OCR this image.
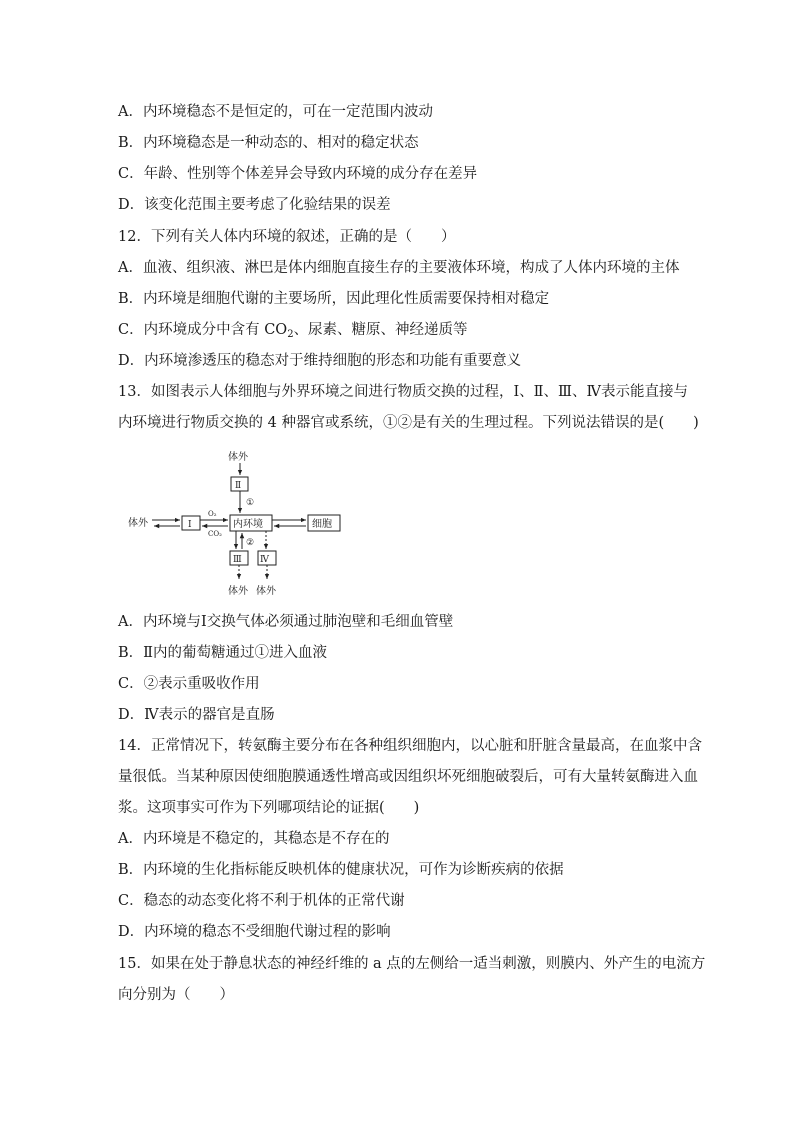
A．内环境稳态不是恒定的，可在一定范围内波动
B．内环境稳态是一种动态的、相对的稳定状态
C．年龄、性别等个体差异会导致内环境的成分存在差异
D．该变化范围主要考虑了化验结果的误差
12．下列有关人体内环境的叙述，正确的是（　　）
A．血液、组织液、淋巴是体内细胞直接生存的主要液体环境，构成了人体内环境的主体
B．内环境是细胞代谢的主要场所，因此理化性质需要保持相对稳定
C．内环境成分中含有 $CO_2$、尿素、糖原、神经递质等
D．内环境渗透压的稳态对于维持细胞的形态和功能有重要意义
13．如图表示人体细胞与外界环境之间进行物质交换的过程，Ⅰ、Ⅱ、Ⅲ、Ⅳ表示能直接与
内环境进行物质交换的 4 种器官或系统，①②是有关的生理过程。下列说法错误的是(　　)
体外
Ⅱ
①
体外	Ⅰ
O₂
CO₂
内环境	细胞
②
Ⅲ
体外
Ⅳ
体外
A．内环境与Ⅰ交换气体必须通过肺泡壁和毛细血管壁
B．Ⅱ内的葡萄糖通过①进入血液
C．②表示重吸收作用
D．Ⅳ表示的器官是直肠
14．正常情况下，转氨酶主要分布在各种组织细胞内，以心脏和肝脏含量最高，在血浆中含
量很低。当某种原因使细胞膜通透性增高或因组织坏死细胞破裂后，可有大量转氨酶进入血
浆。这项事实可作为下列哪项结论的证据(　　)
A．内环境是不稳定的，其稳态是不存在的
B．内环境的生化指标能反映机体的健康状况，可作为诊断疾病的依据
C．稳态的动态变化将不利于机体的正常代谢
D．内环境的稳态不受细胞代谢过程的影响
15．如果在处于静息状态的神经纤维的 a 点的左侧给一适当刺激，则膜内、外产生的电流方
向分别为（　　）
